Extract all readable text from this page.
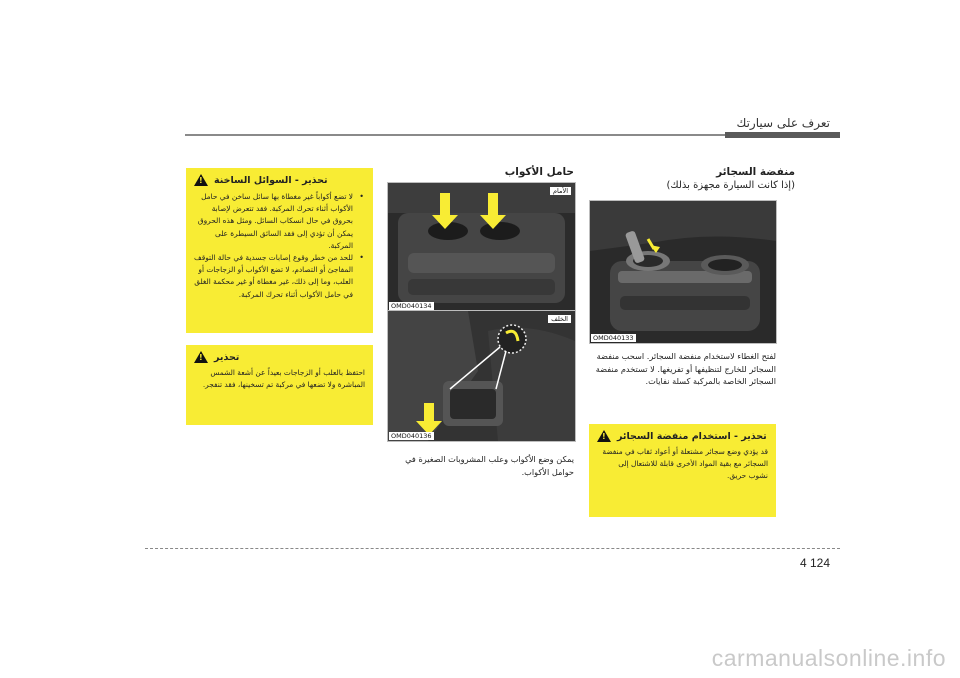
تعرف على سيارتك
منفضة السجائر
(إذا كانت السيارة مجهزة بذلك)
OMD040133
لفتح الغطاء لاستخدام منفضة السجائر. اسحب منفضة السجائر للخارج لتنظيفها أو تفريغها. لا تستخدم منفضة السجائر الخاصة بالمركبة كسلة نفايات.
تحذير - استخدام منفضة السجائر
!
قد يؤدي وضع سجائر مشتعلة أو أعواد ثقاب في منفضة السجائر مع بقية المواد الأخرى قابلة للاشتعال إلى نشوب حريق.
حامل الأكواب
الأمام
OMD040134
الخلف
OMD040136
يمكن وضع الأكواب وعلب المشروبات الصغيرة في حوامل الأكواب.
تحذير - السوائل الساخنة
!
•
لا تضع أكواباً غير مغطاة بها سائل ساخن في حامل الأكواب أثناء تحرك المركبة. فقد تتعرض لإصابة بحروق في حال انسكاب السائل. ومثل هذه الحروق يمكن أن تؤدي إلى فقد السائق السيطرة على المركبة.
•
للحد من خطر وقوع إصابات جسدية في حالة التوقف المفاجئ أو التصادم، لا تضع الأكواب أو الزجاجات أو العلب، وما إلى ذلك، غير مغطاة أو غير محكمة الغلق في حامل الأكواب أثناء تحرك المركبة.
تحذير
!
احتفظ بالعلب أو الزجاجات بعيداً عن أشعة الشمس المباشرة ولا تضعها في مركبة تم تسخينها، فقد تنفجر.
4 124
carmanualsonline.info
